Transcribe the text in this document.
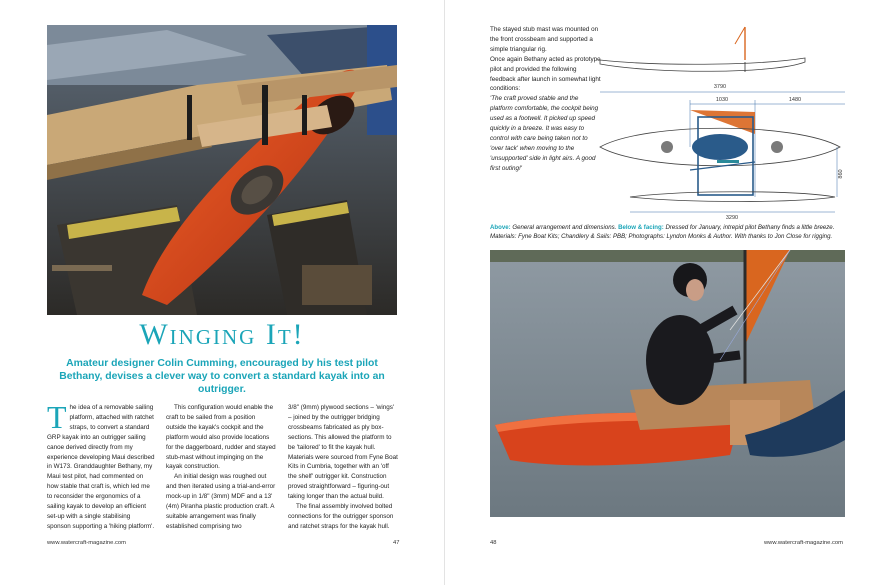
Winging It!
Amateur designer Colin Cumming, encouraged by his test pilot Bethany, devises a clever way to convert a standard kayak into an outrigger.
The idea of a removable sailing platform, attached with ratchet straps, to convert a standard GRP kayak into an outrigger sailing canoe derived directly from my experience developing Maui described in W173. Granddaughter Bethany, my Maui test pilot, had commented on how stable that craft is, which led me to reconsider the ergonomics of a sailing kayak to develop an efficient set-up with a single stabilising sponson supporting a 'hiking platform'.

This configuration would enable the craft to be sailed from a position outside the kayak's cockpit and the platform would also provide locations for the daggerboard, rudder and stayed stub-mast without impinging on the kayak construction.

An initial design was roughed out and then iterated using a trial-and-error mock-up in 1/8" (3mm) MDF and a 13' (4m) Piranha plastic production craft. A suitable arrangement was finally established comprising two

3/8" (9mm) plywood sections – 'wings' – joined by the outrigger bridging crossbeams fabricated as ply box-sections. This allowed the platform to be 'tailored' to fit the kayak hull. Materials were sourced from Fyne Boat Kits in Cumbria, together with an 'off the shelf' outrigger kit. Construction proved straightforward – figuring-out taking longer than the actual build.

The final assembly involved bolted connections for the outrigger sponson and ratchet straps for the kayak hull.

www.watercraft-magazine.com	47

The stayed stub mast was mounted on the front crossbeam and supported a simple triangular rig.

Once again Bethany acted as prototype pilot and provided the following feedback after launch in somewhat light conditions:

'The craft proved stable and the platform comfortable, the cockpit being used as a footwell. It picked up speed quickly in a breeze. It was easy to control with care being taken not to 'over tack' when moving to the 'unsupported' side in light airs. A good first outing!'

3790
1030	1480
3290
860
Above: General arrangement and dimensions. Below & facing: Dressed for January, intrepid pilot Bethany finds a little breeze.
Materials: Fyne Boat Kits; Chandlery & Sails: PBB; Photographs: Lyndon Monks & Author. With thanks to Jon Close for rigging.
48	www.watercraft-magazine.com
